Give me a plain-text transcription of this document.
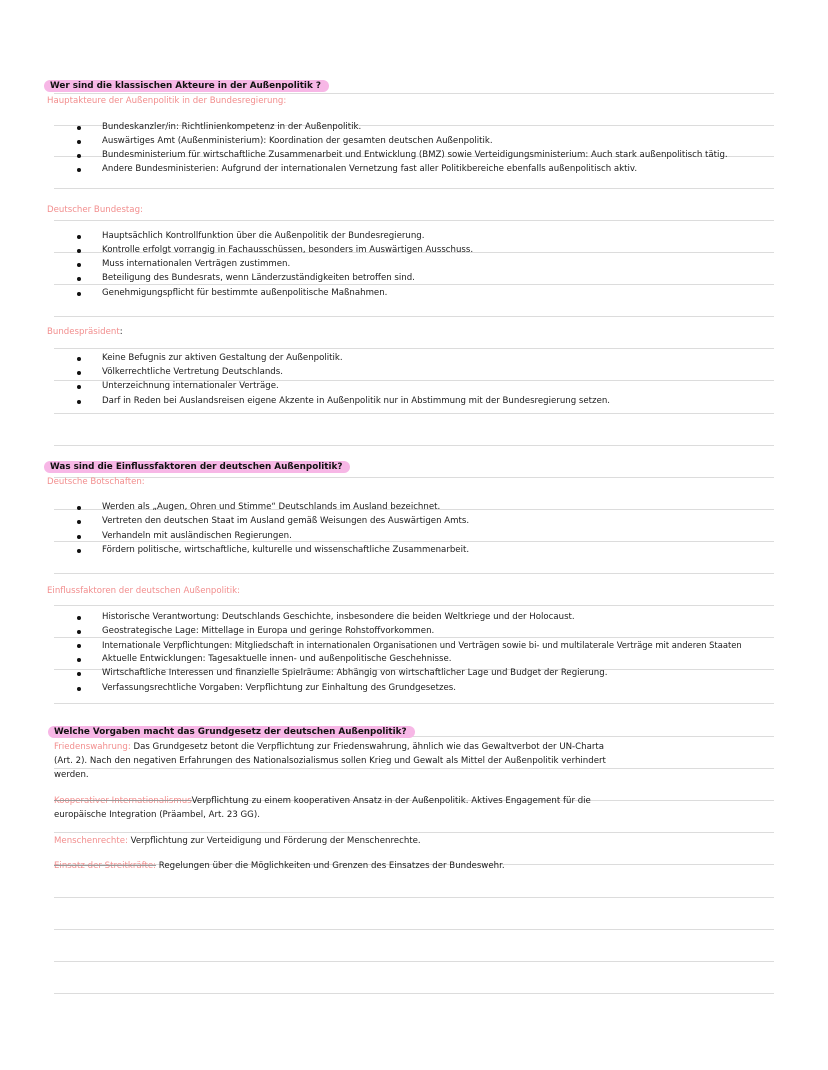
Wer sind die klassischen Akteure in der Außenpolitik ?
Hauptakteure der Außenpolitik in der Bundesregierung:
Bundeskanzler/in: Richtlinienkompetenz in der Außenpolitik.
Auswärtiges Amt (Außenministerium): Koordination der gesamten deutschen Außenpolitik.
Bundesministerium für wirtschaftliche Zusammenarbeit und Entwicklung (BMZ) sowie Verteidigungsministerium: Auch stark außenpolitisch tätig.
Andere Bundesministerien: Aufgrund der internationalen Vernetzung fast aller Politikbereiche ebenfalls außenpolitisch aktiv.
Deutscher Bundestag:
Hauptsächlich Kontrollfunktion über die Außenpolitik der Bundesregierung.
Kontrolle erfolgt vorrangig in Fachausschüssen, besonders im Auswärtigen Ausschuss.
Muss internationalen Verträgen zustimmen.
Beteiligung des Bundesrats, wenn Länderzuständigkeiten betroffen sind.
Genehmigungspflicht für bestimmte außenpolitische Maßnahmen.
Bundespräsident:
Keine Befugnis zur aktiven Gestaltung der Außenpolitik.
Völkerrechtliche Vertretung Deutschlands.
Unterzeichnung internationaler Verträge.
Darf in Reden bei Auslandsreisen eigene Akzente in Außenpolitik nur in Abstimmung mit der Bundesregierung setzen.
Was sind die Einflussfaktoren der deutschen Außenpolitik?
Deutsche Botschaften:
Werden als „Augen, Ohren und Stimme“ Deutschlands im Ausland bezeichnet.
Vertreten den deutschen Staat im Ausland gemäß Weisungen des Auswärtigen Amts.
Verhandeln mit ausländischen Regierungen.
Fördern politische, wirtschaftliche, kulturelle und wissenschaftliche Zusammenarbeit.
Einflussfaktoren der deutschen Außenpolitik:
Historische Verantwortung: Deutschlands Geschichte, insbesondere die beiden Weltkriege und der Holocaust.
Geostrategische Lage: Mittellage in Europa und geringe Rohstoffvorkommen.
Internationale Verpflichtungen: Mitgliedschaft in internationalen Organisationen und Verträgen sowie bi- und multilaterale Verträge mit anderen Staaten
Aktuelle Entwicklungen: Tagesaktuelle innen- und außenpolitische Geschehnisse.
Wirtschaftliche Interessen und finanzielle Spielräume: Abhängig von wirtschaftlicher Lage und Budget der Regierung.
Verfassungsrechtliche Vorgaben: Verpflichtung zur Einhaltung des Grundgesetzes.
Welche Vorgaben macht das Grundgesetz der deutschen Außenpolitik?
Friedenswahrung: Das Grundgesetz betont die Verpflichtung zur Friedenswahrung, ähnlich wie das Gewaltverbot der UN-Charta
(Art. 2). Nach den negativen Erfahrungen des Nationalsozialismus sollen Krieg und Gewalt als Mittel der Außenpolitik verhindert
werden.
Kooperativer InternationalismusVerpflichtung zu einem kooperativen Ansatz in der Außenpolitik. Aktives Engagement für die
europäische Integration (Präambel, Art. 23 GG).
Menschenrechte: Verpflichtung zur Verteidigung und Förderung der Menschenrechte.
Einsatz der Streitkräfte: Regelungen über die Möglichkeiten und Grenzen des Einsatzes der Bundeswehr.
